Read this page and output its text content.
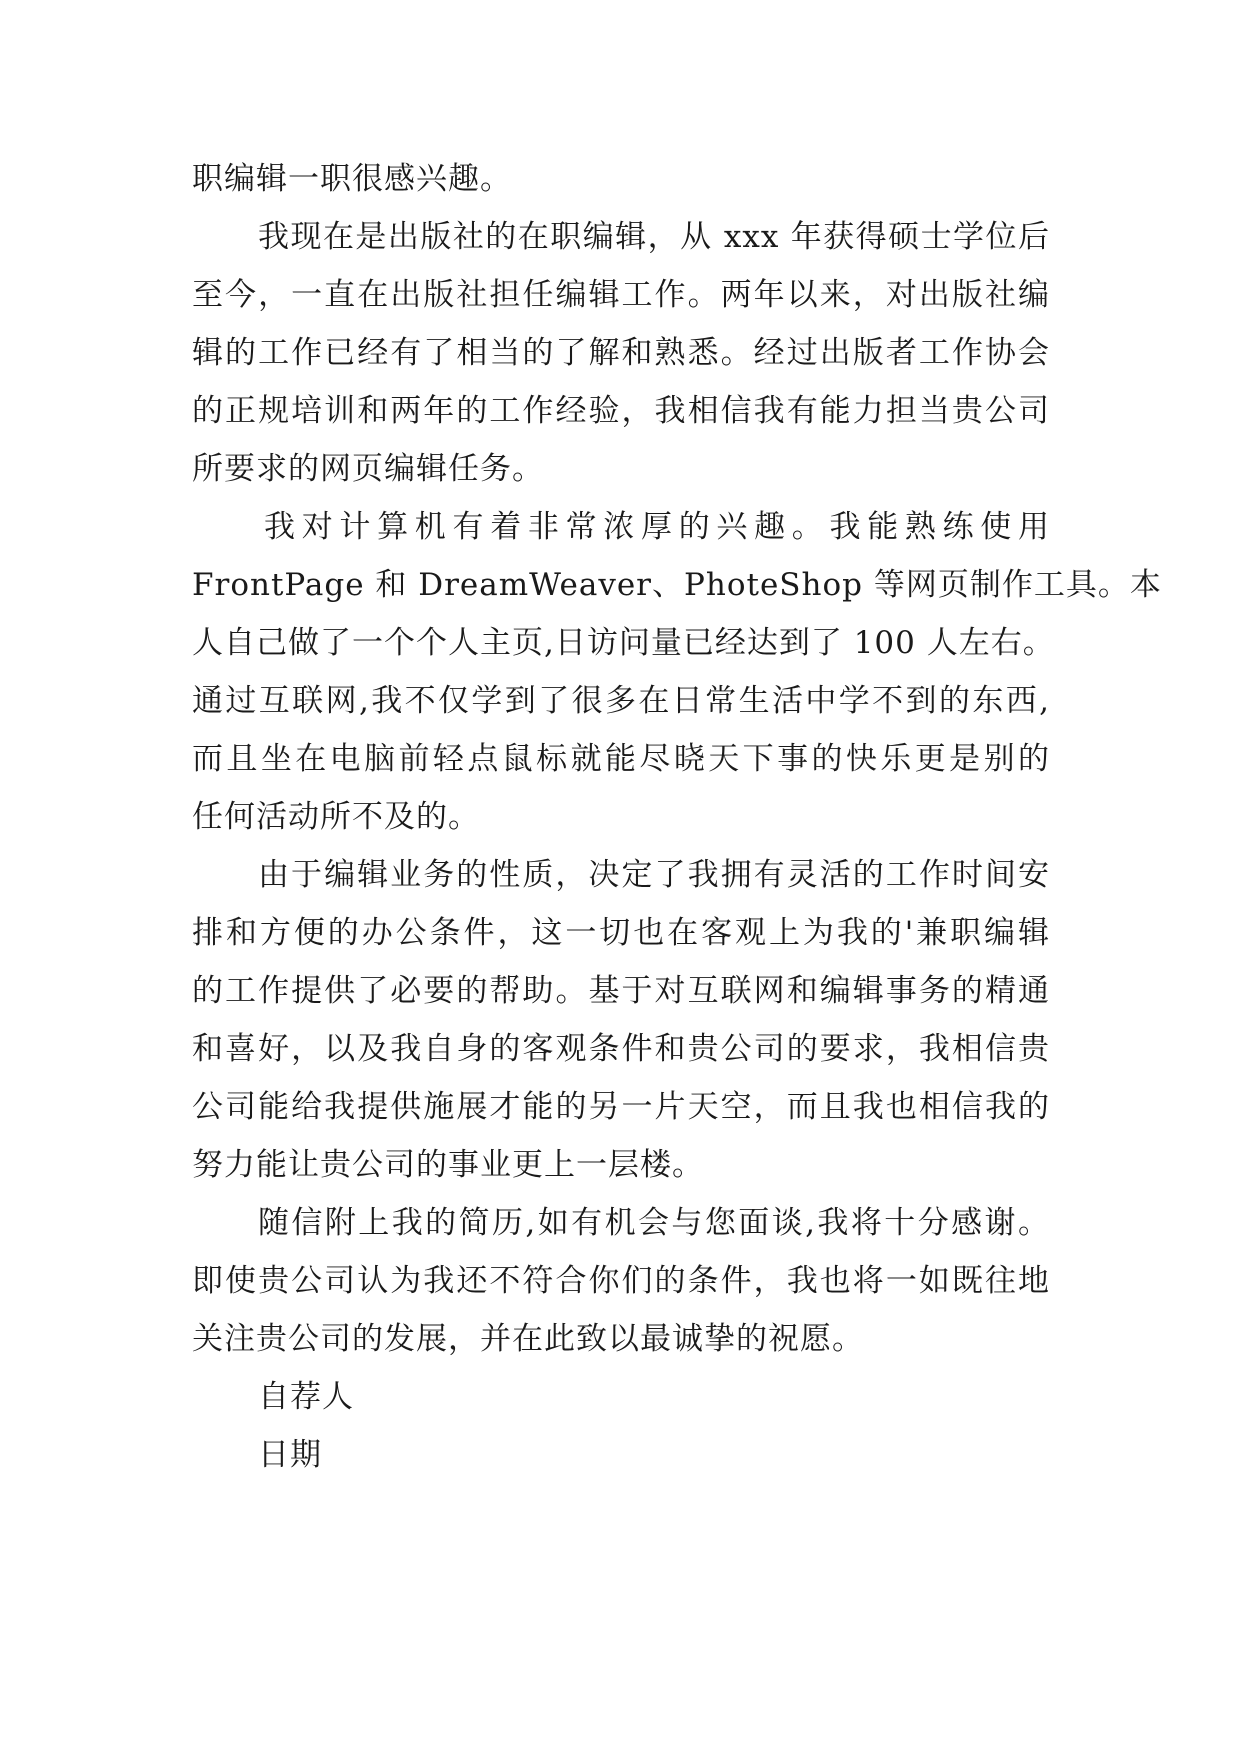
职编辑一职很感兴趣。
我现在是出版社的在职编辑，从 xxx 年获得硕士学位后
至今，一直在出版社担任编辑工作。两年以来，对出版社编
辑的工作已经有了相当的了解和熟悉。经过出版者工作协会
的正规培训和两年的工作经验，我相信我有能力担当贵公司
所要求的网页编辑任务。
我对计算机有着非常浓厚的兴趣。我能熟练使用
FrontPage 和 DreamWeaver、PhoteShop 等网页制作工具。本
人自己做了一个个人主页,日访问量已经达到了 100 人左右。
通过互联网,我不仅学到了很多在日常生活中学不到的东西,
而且坐在电脑前轻点鼠标就能尽晓天下事的快乐更是别的
任何活动所不及的。
由于编辑业务的性质，决定了我拥有灵活的工作时间安
排和方便的办公条件，这一切也在客观上为我的'兼职编辑
的工作提供了必要的帮助。基于对互联网和编辑事务的精通
和喜好，以及我自身的客观条件和贵公司的要求，我相信贵
公司能给我提供施展才能的另一片天空，而且我也相信我的
努力能让贵公司的事业更上一层楼。
随信附上我的简历,如有机会与您面谈,我将十分感谢。
即使贵公司认为我还不符合你们的条件，我也将一如既往地
关注贵公司的发展，并在此致以最诚挚的祝愿。
自荐人
日期
